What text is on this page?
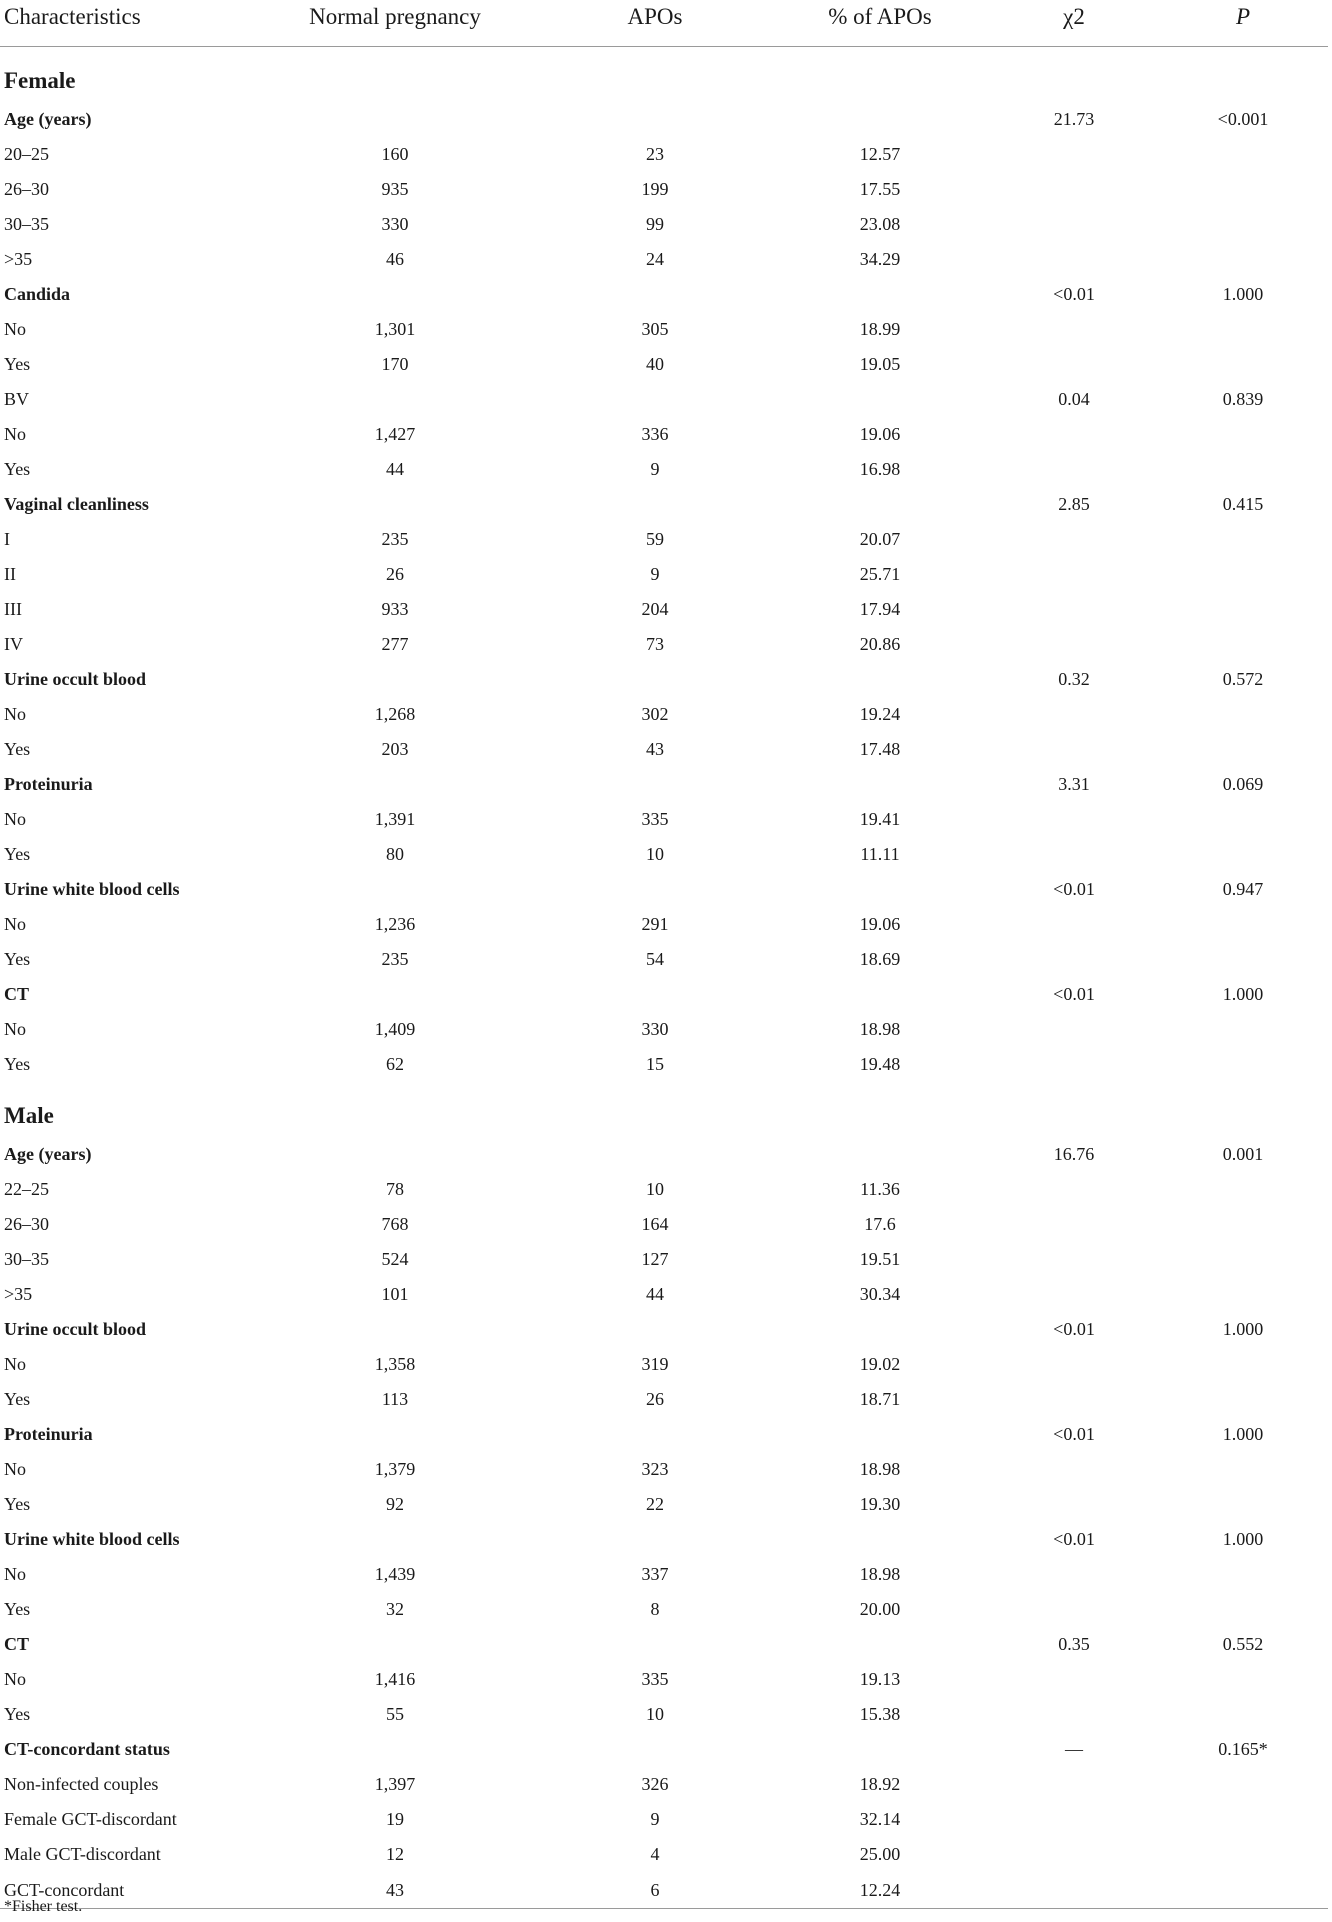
Characteristics	Normal pregnancy	APOs	% of APOs	χ2	P
Female					
Age (years)				21.73	<0.001
20–25	160	23	12.57		
26–30	935	199	17.55		
30–35	330	99	23.08		
>35	46	24	34.29		
Candida				<0.01	1.000
No	1,301	305	18.99		
Yes	170	40	19.05		
BV				0.04	0.839
No	1,427	336	19.06		
Yes	44	9	16.98		
Vaginal cleanliness				2.85	0.415
I	235	59	20.07		
II	26	9	25.71		
III	933	204	17.94		
IV	277	73	20.86		
Urine occult blood				0.32	0.572
No	1,268	302	19.24		
Yes	203	43	17.48		
Proteinuria				3.31	0.069
No	1,391	335	19.41		
Yes	80	10	11.11		
Urine white blood cells				<0.01	0.947
No	1,236	291	19.06		
Yes	235	54	18.69		
CT				<0.01	1.000
No	1,409	330	18.98		
Yes	62	15	19.48		
Male					
Age (years)				16.76	0.001
22–25	78	10	11.36		
26–30	768	164	17.6		
30–35	524	127	19.51		
>35	101	44	30.34		
Urine occult blood				<0.01	1.000
No	1,358	319	19.02		
Yes	113	26	18.71		
Proteinuria				<0.01	1.000
No	1,379	323	18.98		
Yes	92	22	19.30		
Urine white blood cells				<0.01	1.000
No	1,439	337	18.98		
Yes	32	8	20.00		
CT				0.35	0.552
No	1,416	335	19.13		
Yes	55	10	15.38		
CT-concordant status				—	0.165*
Non-infected couples	1,397	326	18.92		
Female GCT-discordant	19	9	32.14		
Male GCT-discordant	12	4	25.00		
GCT-concordant	43	6	12.24		
*Fisher test.
